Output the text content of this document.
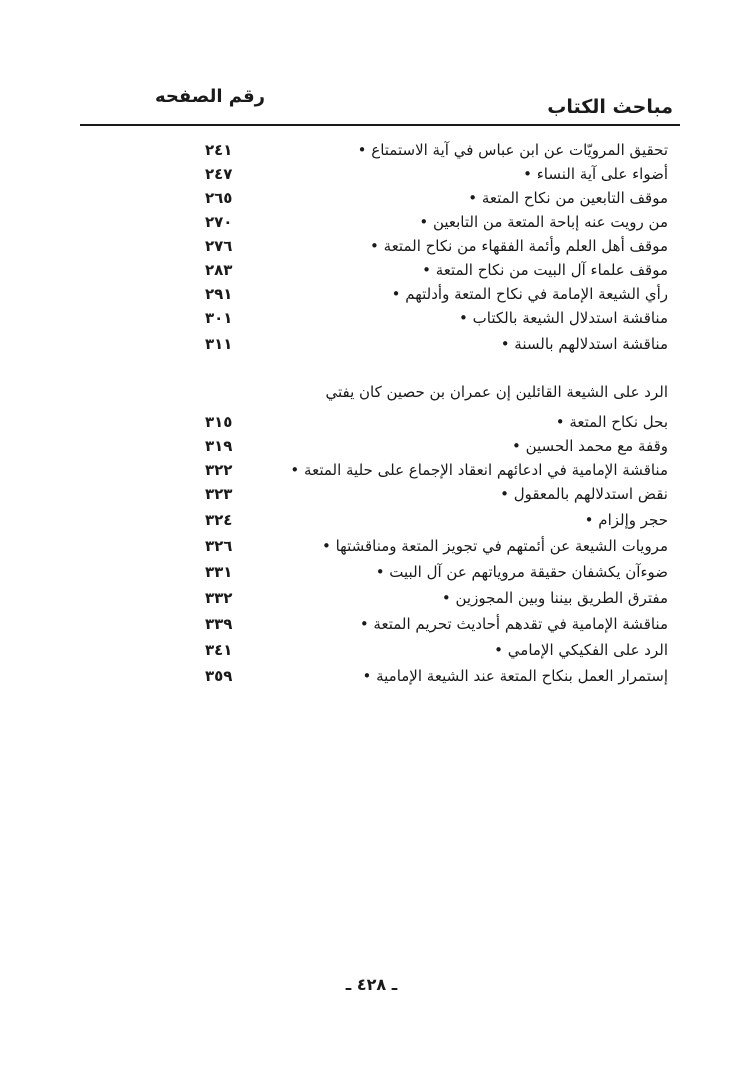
مباحث الكتاب
رقم الصفحه
تحقيق المرويّات عن ابن عباس في آية الاستمتاع •
٢٤١
أضواء على آية النساء •
٢٤٧
موقف التابعين من نكاح المتعة •
٢٦٥
من رويت عنه إباحة المتعة من التابعين •
٢٧٠
موقف أهل العلم وأئمة الفقهاء من نكاح المتعة •
٢٧٦
موقف علماء آل البيت من نكاح المتعة •
٢٨٣
رأي الشيعة الإمامة في نكاح المتعة وأدلتهم •
٢٩١
مناقشة استدلال الشيعة بالكتاب •
٣٠١
مناقشة استدلالهم بالسنة •
٣١١
الرد على الشيعة القائلين إن عمران بن حصين كان يفتي
بحل نكاح المتعة •
٣١٥
وقفة مع محمد الحسين •
٣١٩
مناقشة الإمامية في ادعائهم انعقاد الإجماع على حلية المتعة •
٣٢٢
نقض استدلالهم بالمعقول •
٣٢٣
حجر وإلزام •
٣٢٤
مرويات الشيعة عن أئمتهم في تجويز المتعة ومناقشتها •
٣٢٦
ضوءآن يكشفان حقيقة مروياتهم عن آل البيت •
٣٣١
مفترق الطريق بيننا وبين المجوزين •
٣٣٢
مناقشة الإمامية في تقدهم أحاديث تحريم المتعة •
٣٣٩
الرد على الفكيكي الإمامي •
٣٤١
إستمرار العمل بنكاح المتعة عند الشيعة الإمامية •
٣٥٩
ـ ٤٢٨ ـ
